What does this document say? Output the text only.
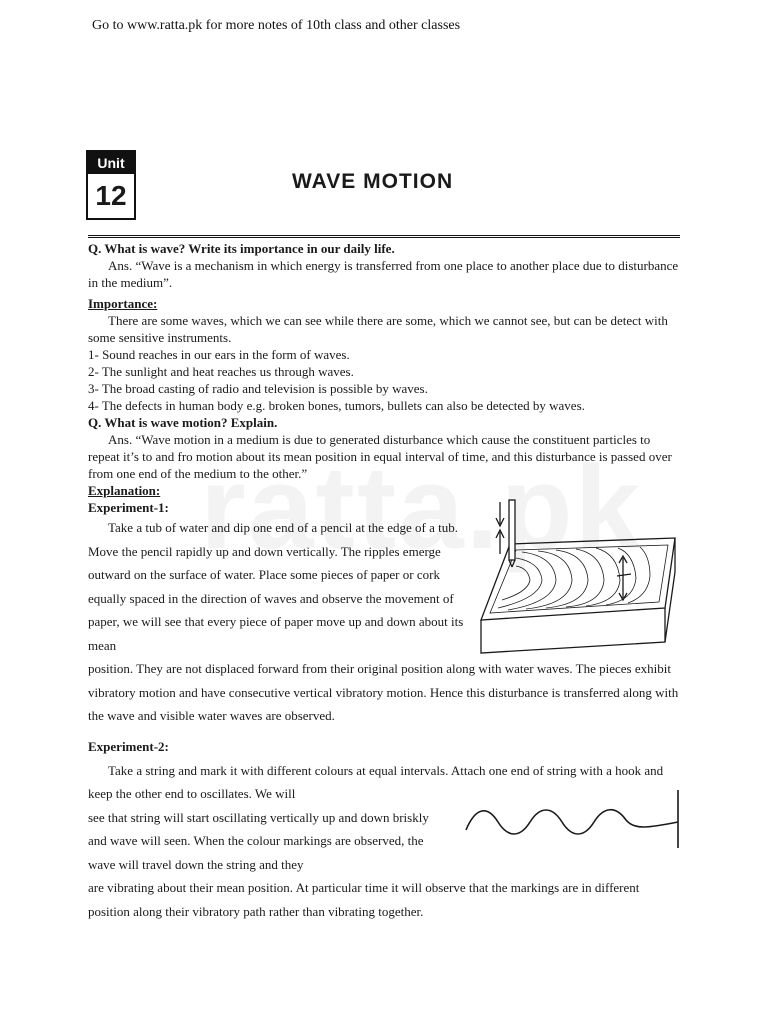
Go to www.ratta.pk for more notes of 10th class and other classes
Unit
12	WAVE MOTION

Q. What is wave? Write its importance in our daily life.

Ans. “Wave is a mechanism in which energy is transferred from one place to another place due to disturbance in the medium”.

Importance:

There are some waves, which we can see while there are some, which we cannot see, but can be detect with some sensitive instruments.

1- Sound reaches in our ears in the form of waves.
2- The sunlight and heat reaches us through waves.
3- The broad casting of radio and television is possible by waves.
4- The defects in human body e.g. broken bones, tumors, bullets can also be detected by waves.

Q. What is wave motion? Explain.

Ans. “Wave motion in a medium is due to generated disturbance which cause the constituent particles to repeat it’s to and fro motion about its mean position in equal interval of time, and this disturbance is passed over from one end of the medium to the other.”

Explanation:

Experiment-1:

Take a tub of water and dip one end of a pencil at the edge of a tub. Move the pencil rapidly up and down vertically. The ripples emerge outward on the surface of water. Place some pieces of paper or cork equally spaced in the direction of waves and observe the movement of paper, we will see that every piece of paper move up and down about its mean

position. They are not displaced forward from their original position along with water waves. The pieces exhibit vibratory motion and have consecutive vertical vibratory motion. Hence this disturbance is transferred along with the wave and visible water waves are observed.

Experiment-2:

Take a string and mark it with different colours at equal intervals. Attach one end of string with a hook and keep the other end to oscillates. We will

see that string will start oscillating vertically up and down briskly and wave will seen. When the colour markings are observed, the wave will travel down the string and they

are vibrating about their mean position. At particular time it will observe that the markings are in different position along their vibratory path rather than vibrating together.
